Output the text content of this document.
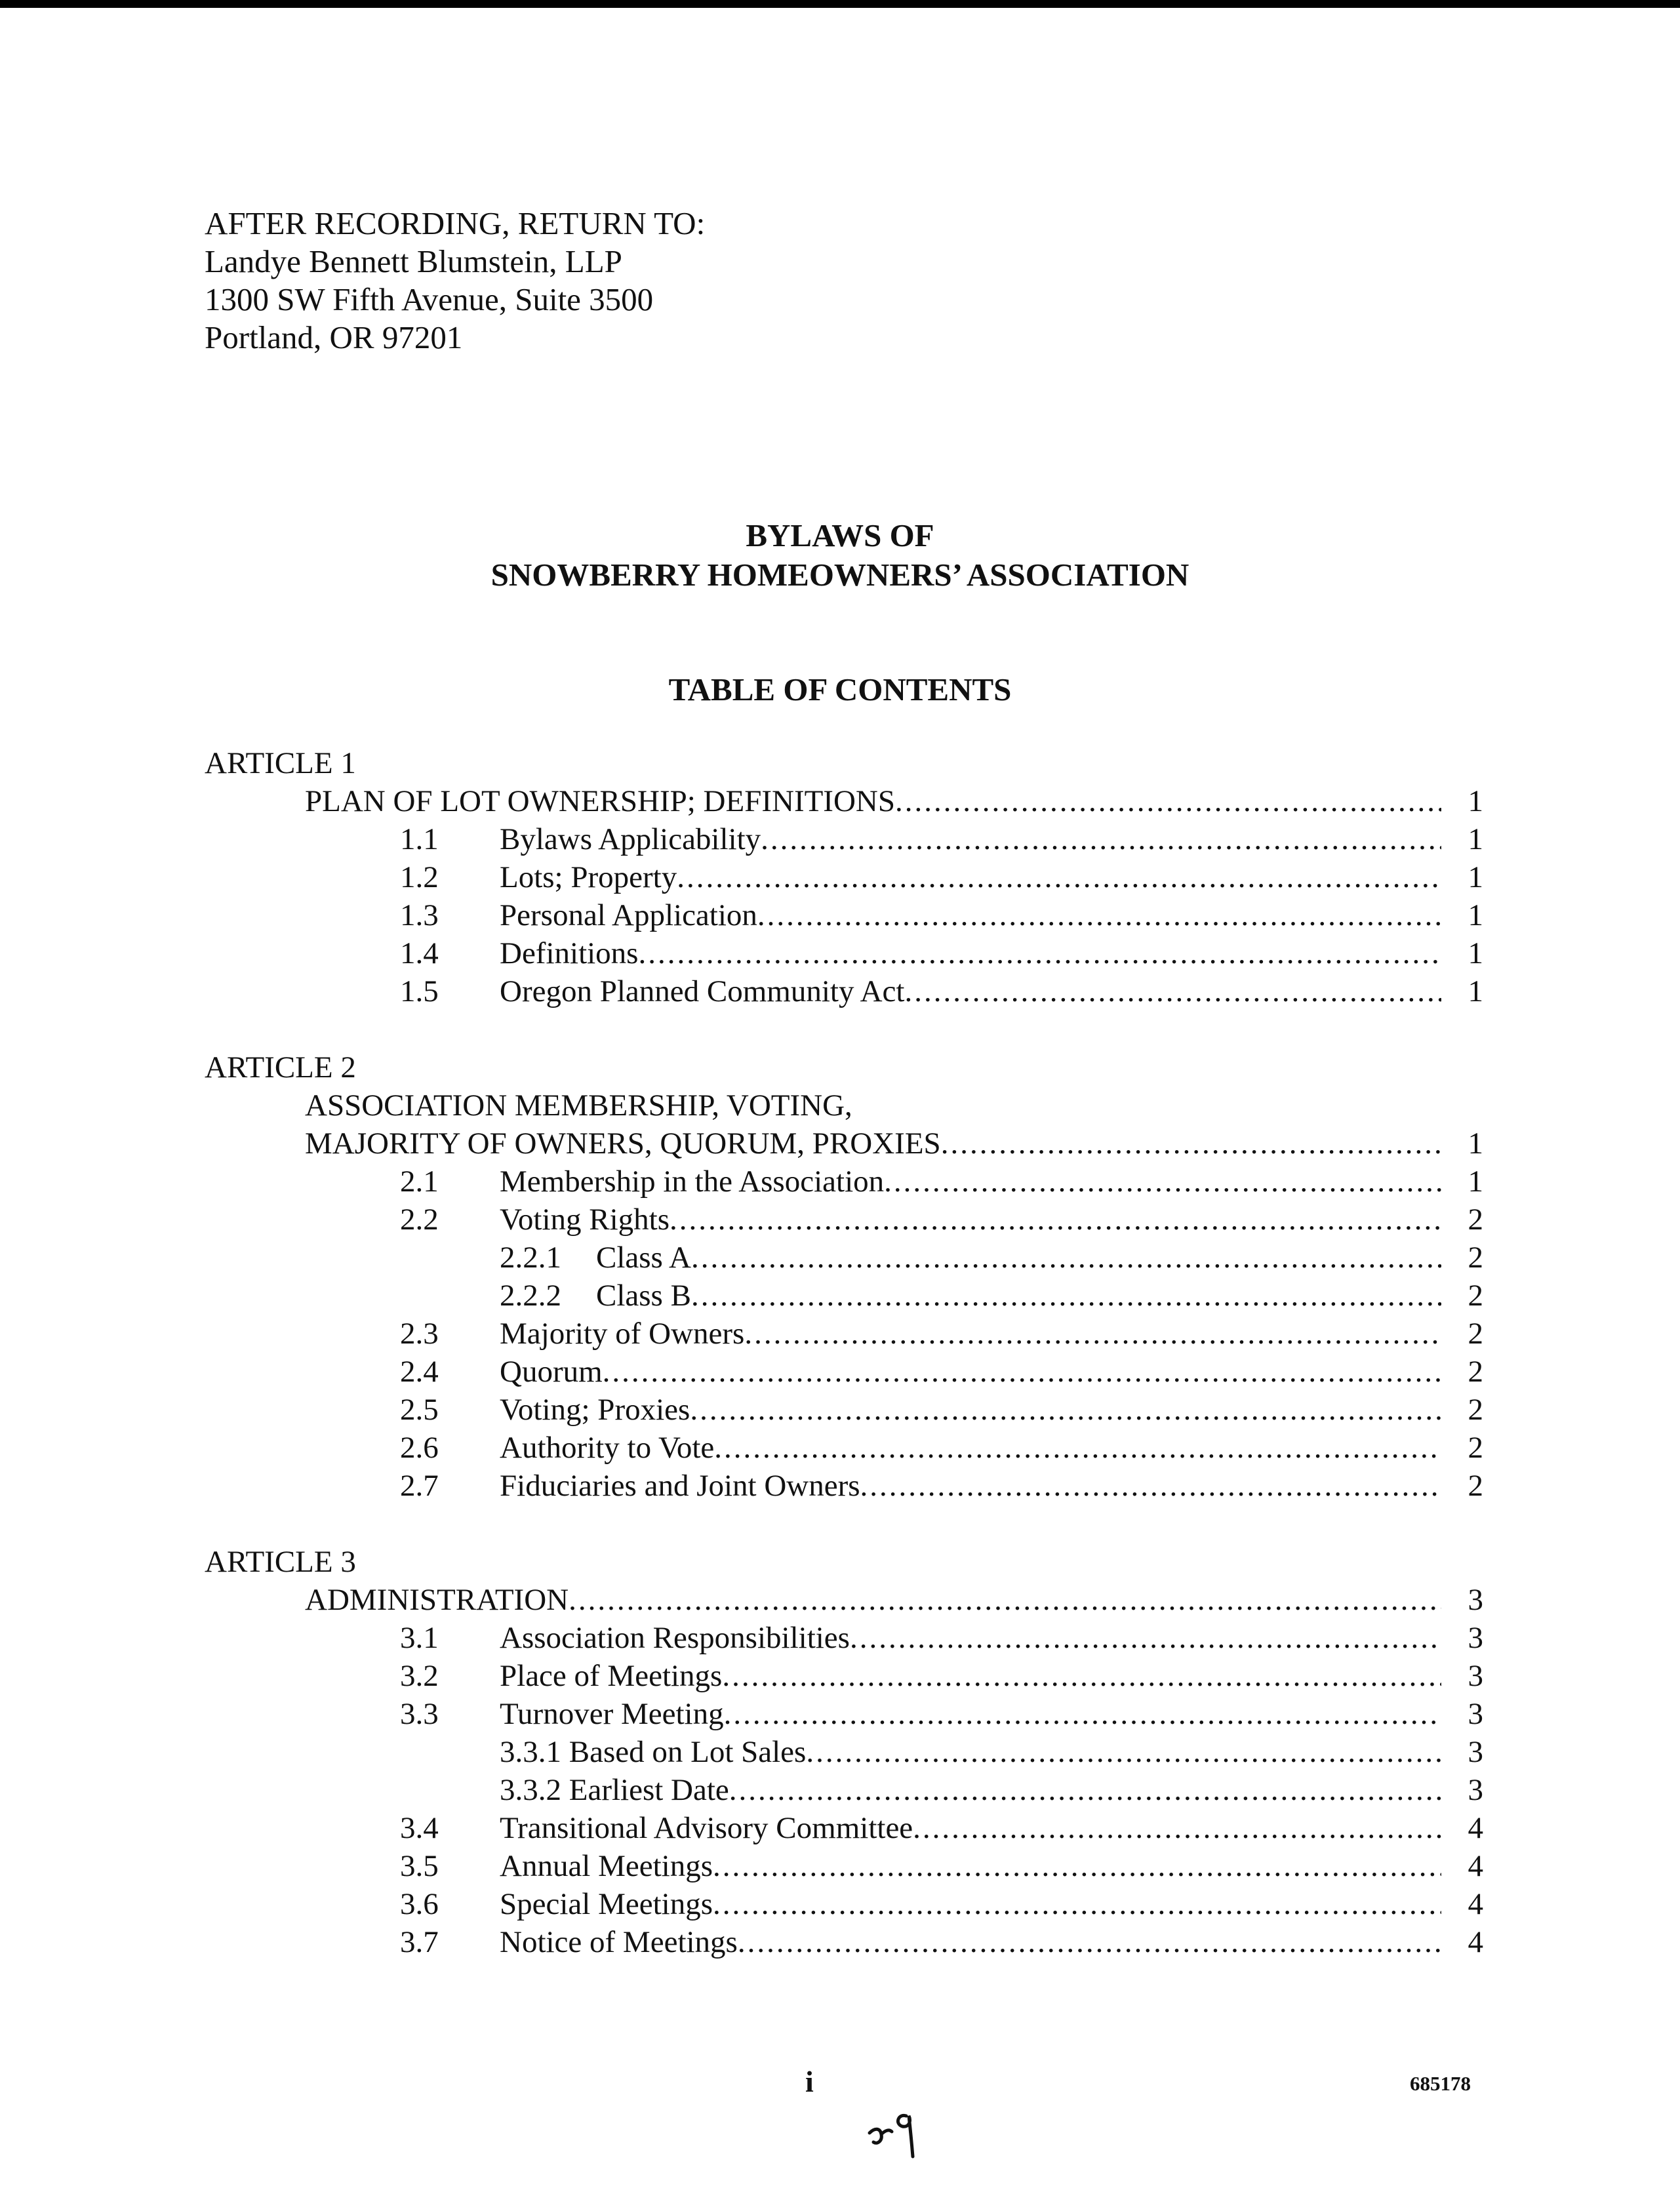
AFTER RECORDING, RETURN TO:
Landye Bennett Blumstein, LLP
1300 SW Fifth Avenue, Suite 3500
Portland, OR 97201
BYLAWS OF
SNOWBERRY HOMEOWNERS’ ASSOCIATION
TABLE OF CONTENTS
ARTICLE 1
PLAN OF LOT OWNERSHIP; DEFINITIONS .....	1
1.1 Bylaws Applicability .....	1
1.2 Lots; Property .....	1
1.3 Personal Application .....	1
1.4 Definitions .....	1
1.5 Oregon Planned Community Act .....	1
ARTICLE 2
ASSOCIATION MEMBERSHIP, VOTING,
MAJORITY OF OWNERS, QUORUM, PROXIES .....	1
2.1 Membership in the Association .....	1
2.2 Voting Rights .....	2
2.2.1 Class A .....	2
2.2.2 Class B .....	2
2.3 Majority of Owners .....	2
2.4 Quorum .....	2
2.5 Voting; Proxies .....	2
2.6 Authority to Vote .....	2
2.7 Fiduciaries and Joint Owners .....	2
ARTICLE 3
ADMINISTRATION .....	3
3.1 Association Responsibilities .....	3
3.2 Place of Meetings .....	3
3.3 Turnover Meeting .....	3
3.3.1 Based on Lot Sales .....	3
3.3.2 Earliest Date .....	3
3.4 Transitional Advisory Committee .....	4
3.5 Annual Meetings .....	4
3.6 Special Meetings .....	4
3.7 Notice of Meetings .....	4
i	685178
